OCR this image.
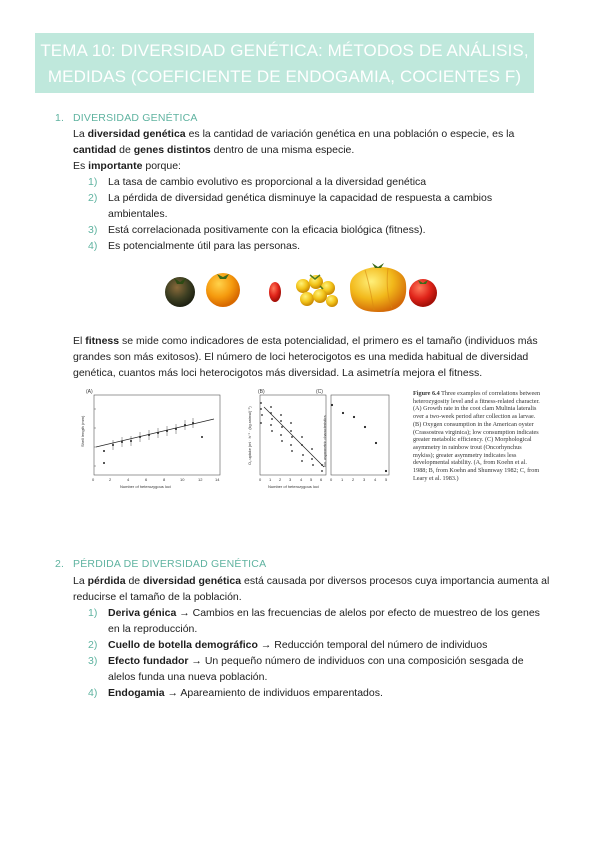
TEMA 10: DIVERSIDAD GENÉTICA: MÉTODOS DE ANÁLISIS,
MEDIDAS (COEFICIENTE DE ENDOGAMIA, COCIENTES F)
1. DIVERSIDAD GENÉTICA
La diversidad genética es la cantidad de variación genética en una población o especie, es la
cantidad de genes distintos dentro de una misma especie.
Es importante porque:
1) La tasa de cambio evolutivo es proporcional a la diversidad genética
2) La pérdida de diversidad genética disminuye la capacidad de respuesta a cambios
ambientales.
3) Está correlacionada positivamente con la eficacia biológica (fitness).
4) Es potencialmente útil para las personas.
El fitness se mide como indicadores de esta potencialidad, el primero es el tamaño (individuos más
grandes son más exitosos). El número de loci heterocigotos es una medida habitual de diversidad
genética, cuantos más loci heterocigotos más diversidad. La asimetría mejora el fitness.
(A)
Shell length (mm)
0	2	4	6	8	10	12	14
Number of heterozygous loci
(B)
O₂ uptake (ml · h⁻¹ · (kg animal)⁻¹)
0 1 2 3 4 5 6
Number of heterozygous loci
(C)
No. asymmetric characteristics
0 1 2 3 4 5
Figure 6.4 Three examples of correlations between heterozygosity level and a fitness-related character. (A) Growth rate in the coot clam Mulinia lateralis over a two-week period after collection as larvae. (B) Oxygen consumption in the American oyster (Crassostrea virginica); low consumption indicates greater metabolic efficiency. (C) Morphological asymmetry in rainbow trout (Oncorhynchus mykiss); greater asymmetry indicates less developmental stability. (A, from Koehn et al. 1988; B, from Koehn and Shumway 1982; C, from Leary et al. 1983.)
2. PÉRDIDA DE DIVERSIDAD GENÉTICA
La pérdida de diversidad genética está causada por diversos procesos cuya importancia aumenta al
reducirse el tamaño de la población.
1) Deriva génica → Cambios en las frecuencias de alelos por efecto de muestreo de los genes
en la reproducción.
2) Cuello de botella demográfico → Reducción temporal del número de individuos
3) Efecto fundador → Un pequeño número de individuos con una composición sesgada de
alelos funda una nueva población.
4) Endogamia → Apareamiento de individuos emparentados.
